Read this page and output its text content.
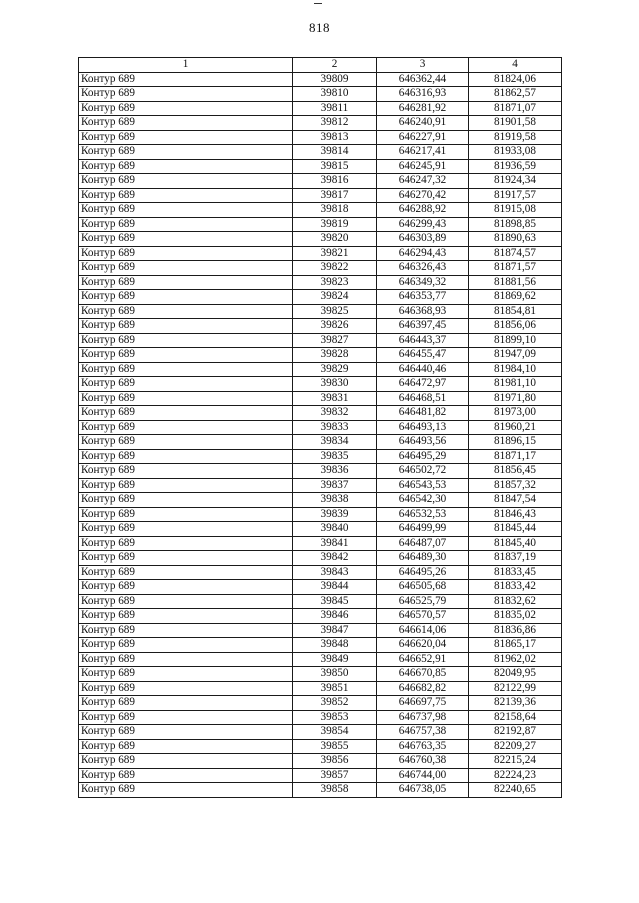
818
1	2	3	4
Контур 689	39809	646362,44	81824,06
Контур 689	39810	646316,93	81862,57
Контур 689	39811	646281,92	81871,07
Контур 689	39812	646240,91	81901,58
Контур 689	39813	646227,91	81919,58
Контур 689	39814	646217,41	81933,08
Контур 689	39815	646245,91	81936,59
Контур 689	39816	646247,32	81924,34
Контур 689	39817	646270,42	81917,57
Контур 689	39818	646288,92	81915,08
Контур 689	39819	646299,43	81898,85
Контур 689	39820	646303,89	81890,63
Контур 689	39821	646294,43	81874,57
Контур 689	39822	646326,43	81871,57
Контур 689	39823	646349,32	81881,56
Контур 689	39824	646353,77	81869,62
Контур 689	39825	646368,93	81854,81
Контур 689	39826	646397,45	81856,06
Контур 689	39827	646443,37	81899,10
Контур 689	39828	646455,47	81947,09
Контур 689	39829	646440,46	81984,10
Контур 689	39830	646472,97	81981,10
Контур 689	39831	646468,51	81971,80
Контур 689	39832	646481,82	81973,00
Контур 689	39833	646493,13	81960,21
Контур 689	39834	646493,56	81896,15
Контур 689	39835	646495,29	81871,17
Контур 689	39836	646502,72	81856,45
Контур 689	39837	646543,53	81857,32
Контур 689	39838	646542,30	81847,54
Контур 689	39839	646532,53	81846,43
Контур 689	39840	646499,99	81845,44
Контур 689	39841	646487,07	81845,40
Контур 689	39842	646489,30	81837,19
Контур 689	39843	646495,26	81833,45
Контур 689	39844	646505,68	81833,42
Контур 689	39845	646525,79	81832,62
Контур 689	39846	646570,57	81835,02
Контур 689	39847	646614,06	81836,86
Контур 689	39848	646620,04	81865,17
Контур 689	39849	646652,91	81962,02
Контур 689	39850	646670,85	82049,95
Контур 689	39851	646682,82	82122,99
Контур 689	39852	646697,75	82139,36
Контур 689	39853	646737,98	82158,64
Контур 689	39854	646757,38	82192,87
Контур 689	39855	646763,35	82209,27
Контур 689	39856	646760,38	82215,24
Контур 689	39857	646744,00	82224,23
Контур 689	39858	646738,05	82240,65
